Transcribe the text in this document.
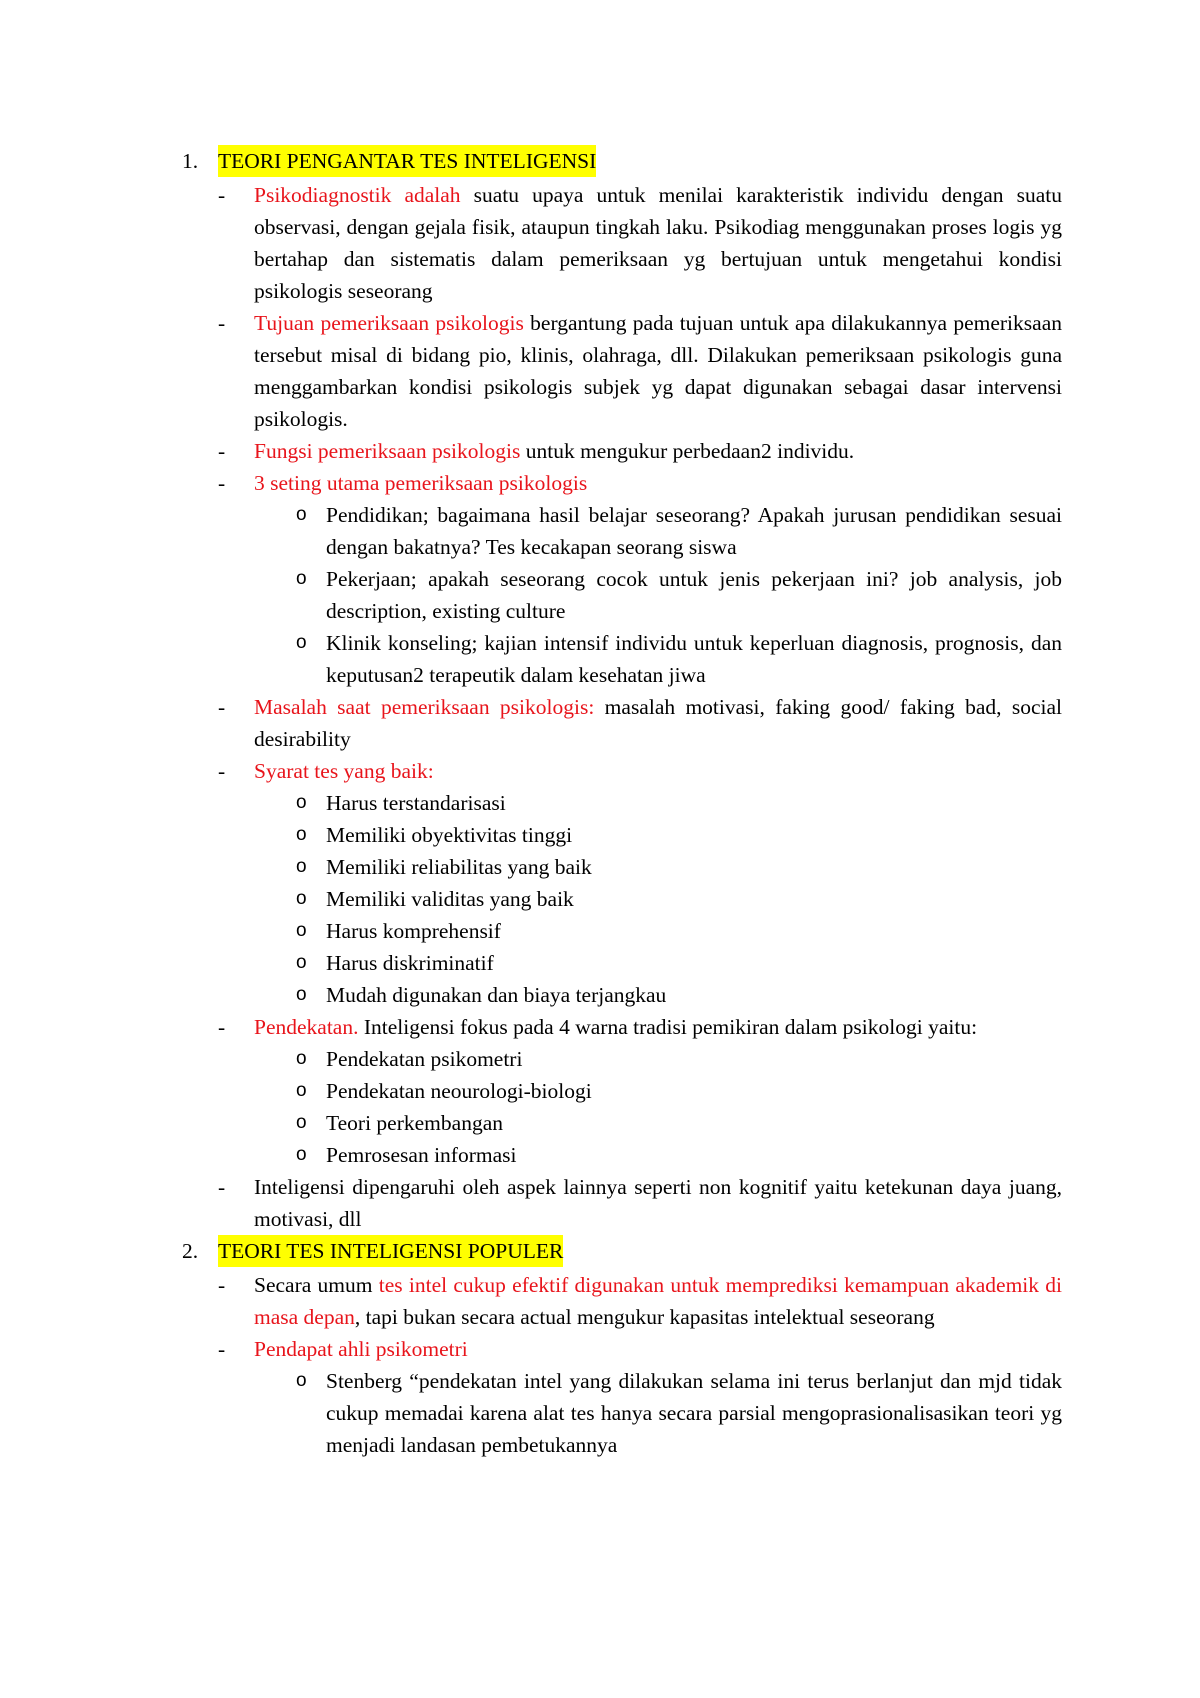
1. TEORI PENGANTAR TES INTELIGENSI
-	Psikodiagnostik adalah suatu upaya untuk menilai karakteristik individu dengan suatu observasi, dengan gejala fisik, ataupun tingkah laku. Psikodiag menggunakan proses logis yg bertahap dan sistematis dalam pemeriksaan yg bertujuan untuk mengetahui kondisi psikologis seseorang
-	Tujuan pemeriksaan psikologis bergantung pada tujuan untuk apa dilakukannya pemeriksaan tersebut misal di bidang pio, klinis, olahraga, dll. Dilakukan pemeriksaan psikologis guna menggambarkan kondisi psikologis subjek yg dapat digunakan sebagai dasar intervensi psikologis.
-	Fungsi pemeriksaan psikologis untuk mengukur perbedaan2 individu.
-	3 seting utama pemeriksaan psikologis
o Pendidikan; bagaimana hasil belajar seseorang? Apakah jurusan pendidikan sesuai dengan bakatnya? Tes kecakapan seorang siswa
o Pekerjaan; apakah seseorang cocok untuk jenis pekerjaan ini? job analysis, job description, existing culture
o Klinik konseling; kajian intensif individu untuk keperluan diagnosis, prognosis, dan keputusan2 terapeutik dalam kesehatan jiwa
-	Masalah saat pemeriksaan psikologis: masalah motivasi, faking good/ faking bad, social desirability
-	Syarat tes yang baik:
o Harus terstandarisasi
o Memiliki obyektivitas tinggi
o Memiliki reliabilitas yang baik
o Memiliki validitas yang baik
o Harus komprehensif
o Harus diskriminatif
o Mudah digunakan dan biaya terjangkau
-	Pendekatan. Inteligensi fokus pada 4 warna tradisi pemikiran dalam psikologi yaitu:
o Pendekatan psikometri
o Pendekatan neourologi-biologi
o Teori perkembangan
o Pemrosesan informasi
-	Inteligensi dipengaruhi oleh aspek lainnya seperti non kognitif yaitu ketekunan daya juang, motivasi, dll
2. TEORI TES INTELIGENSI POPULER
-	Secara umum tes intel cukup efektif digunakan untuk memprediksi kemampuan akademik di masa depan, tapi bukan secara actual mengukur kapasitas intelektual seseorang
-	Pendapat ahli psikometri
o Stenberg “pendekatan intel yang dilakukan selama ini terus berlanjut dan mjd tidak cukup memadai karena alat tes hanya secara parsial mengoprasionalisasikan teori yg menjadi landasan pembetukannya
